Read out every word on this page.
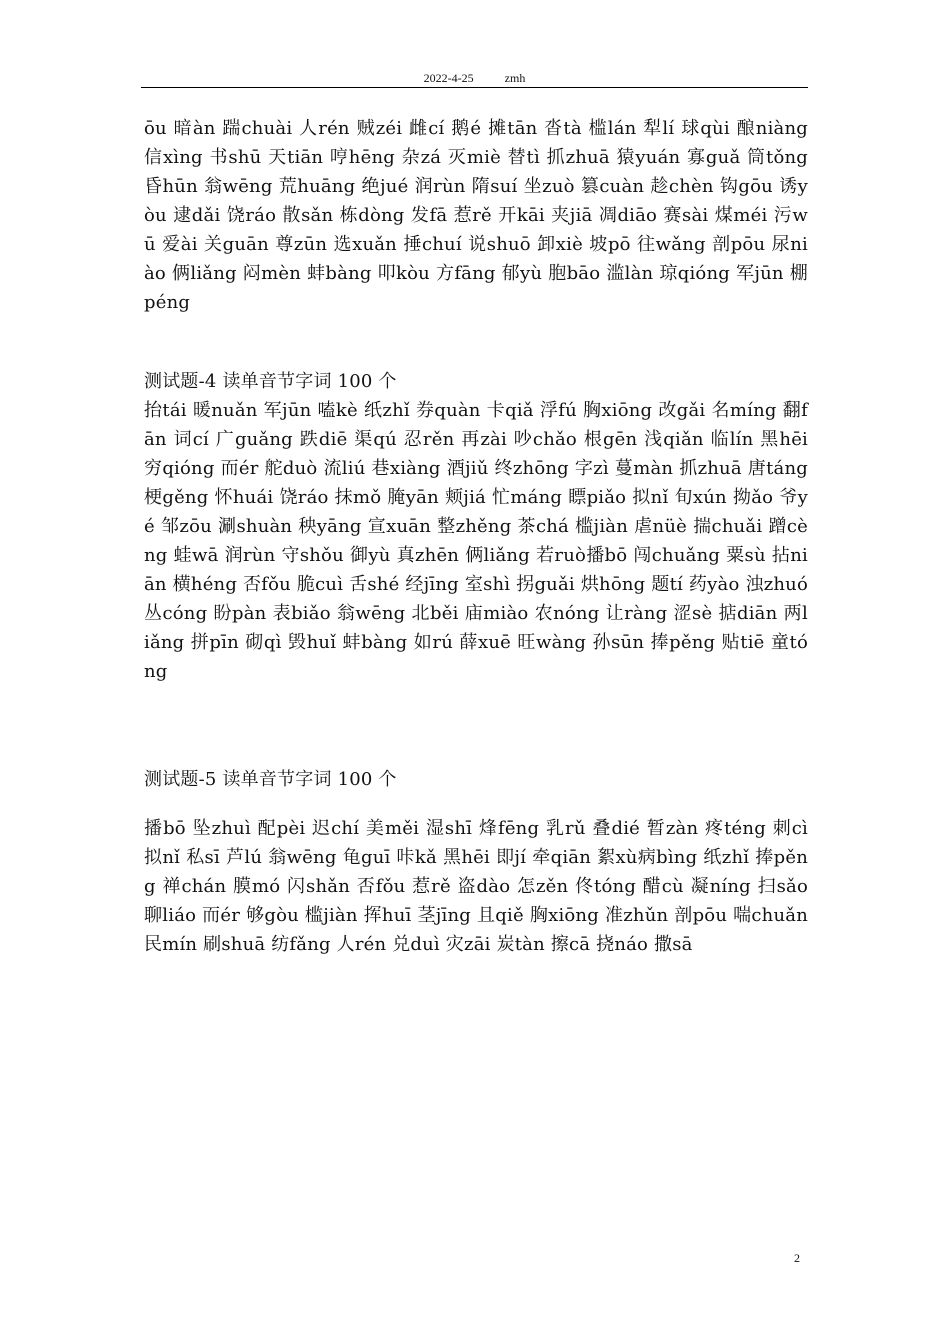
2022-4-25	zmh

ōu 暗àn 踹chuài 人rén 贼zéi 雌cí 鹅é 摊tān 沓tà 槛lán 犁lí 球qùi 酿niàng 信xìng 书shū 天tiān 哼hēng 杂zá 灭miè 替tì 抓zhuā 猿yuán 寡guǎ 筒tǒng 昏hūn 翁wēng 荒huāng 绝jué 润rùn 隋suí 坐zuò 篡cuàn 趁chèn 钩gōu 诱yòu 逮dǎi 饶ráo 散sǎn 栋dòng 发fā 惹rě 开kāi 夹jiā 凋diāo 赛sài 煤méi 污wū 爱ài 关guān 尊zūn 选xuǎn 捶chuí 说shuō 卸xiè 坡pō 往wǎng 剖pōu 尿niào 俩liǎng 闷mèn 蚌bàng 叩kòu 方fāng 郁yù 胞bāo 滥làn 琼qióng 军jūn 棚péng

测试题-4 读单音节字词 100 个

抬tái 暖nuǎn 军jūn 嗑kè 纸zhǐ 券quàn 卡qiǎ 浮fú 胸xiōng 改gǎi 名míng 翻fān 词cí 广guǎng 跌diē 渠qú 忍rěn 再zài 吵chǎo 根gēn 浅qiǎn 临lín 黑hēi 穷qióng 而ér 舵duò 流liú 巷xiàng 酒jiǔ 终zhōng 字zì 蔓màn 抓zhuā 唐táng 梗gěng 怀huái 饶ráo 抹mǒ 腌yān 颊jiá 忙máng 瞟piǎo 拟nǐ 旬xún 拗ǎo 爷yé 邹zōu 涮shuàn 秧yāng 宣xuān 整zhěng 茶chá 槛jiàn 虐nüè 揣chuǎi 蹭cèng 蛙wā 润rùn 守shǒu 御yù 真zhēn 俩liǎng 若ruò播bō 闯chuǎng 粟sù 拈niān 横héng 否fǒu 脆cuì 舌shé 经jīng 室shì 拐guǎi 烘hōng 题tí 药yào 浊zhuó 丛cóng 盼pàn 表biǎo 翁wēng 北běi 庙miào 农nóng 让ràng 涩sè 掂diān 两liǎng 拼pīn 砌qì 毁huǐ 蚌bàng 如rú 薛xuē 旺wàng 孙sūn 捧pěng 贴tiē 童tóng

测试题-5 读单音节字词 100 个

播bō 坠zhuì 配pèi 迟chí 美měi 湿shī 烽fēng 乳rǔ 叠dié 暂zàn 疼téng 刺cì 拟nǐ 私sī 芦lú 翁wēng 龟guī 咔kǎ 黑hēi 即jí 牵qiān 絮xù病bìng 纸zhǐ 捧pěng 禅chán 膜mó 闪shǎn 否fǒu 惹rě 盗dào 怎zěn 佟tóng 醋cù 凝níng 扫sǎo 聊liáo 而ér 够gòu 槛jiàn 挥huī 茎jīng 且qiě 胸xiōng 准zhǔn 剖pōu 喘chuǎn 民mín 刷shuā 纺fǎng 人rén 兑duì 灾zāi 炭tàn 擦cā 挠náo 撒sā

2
